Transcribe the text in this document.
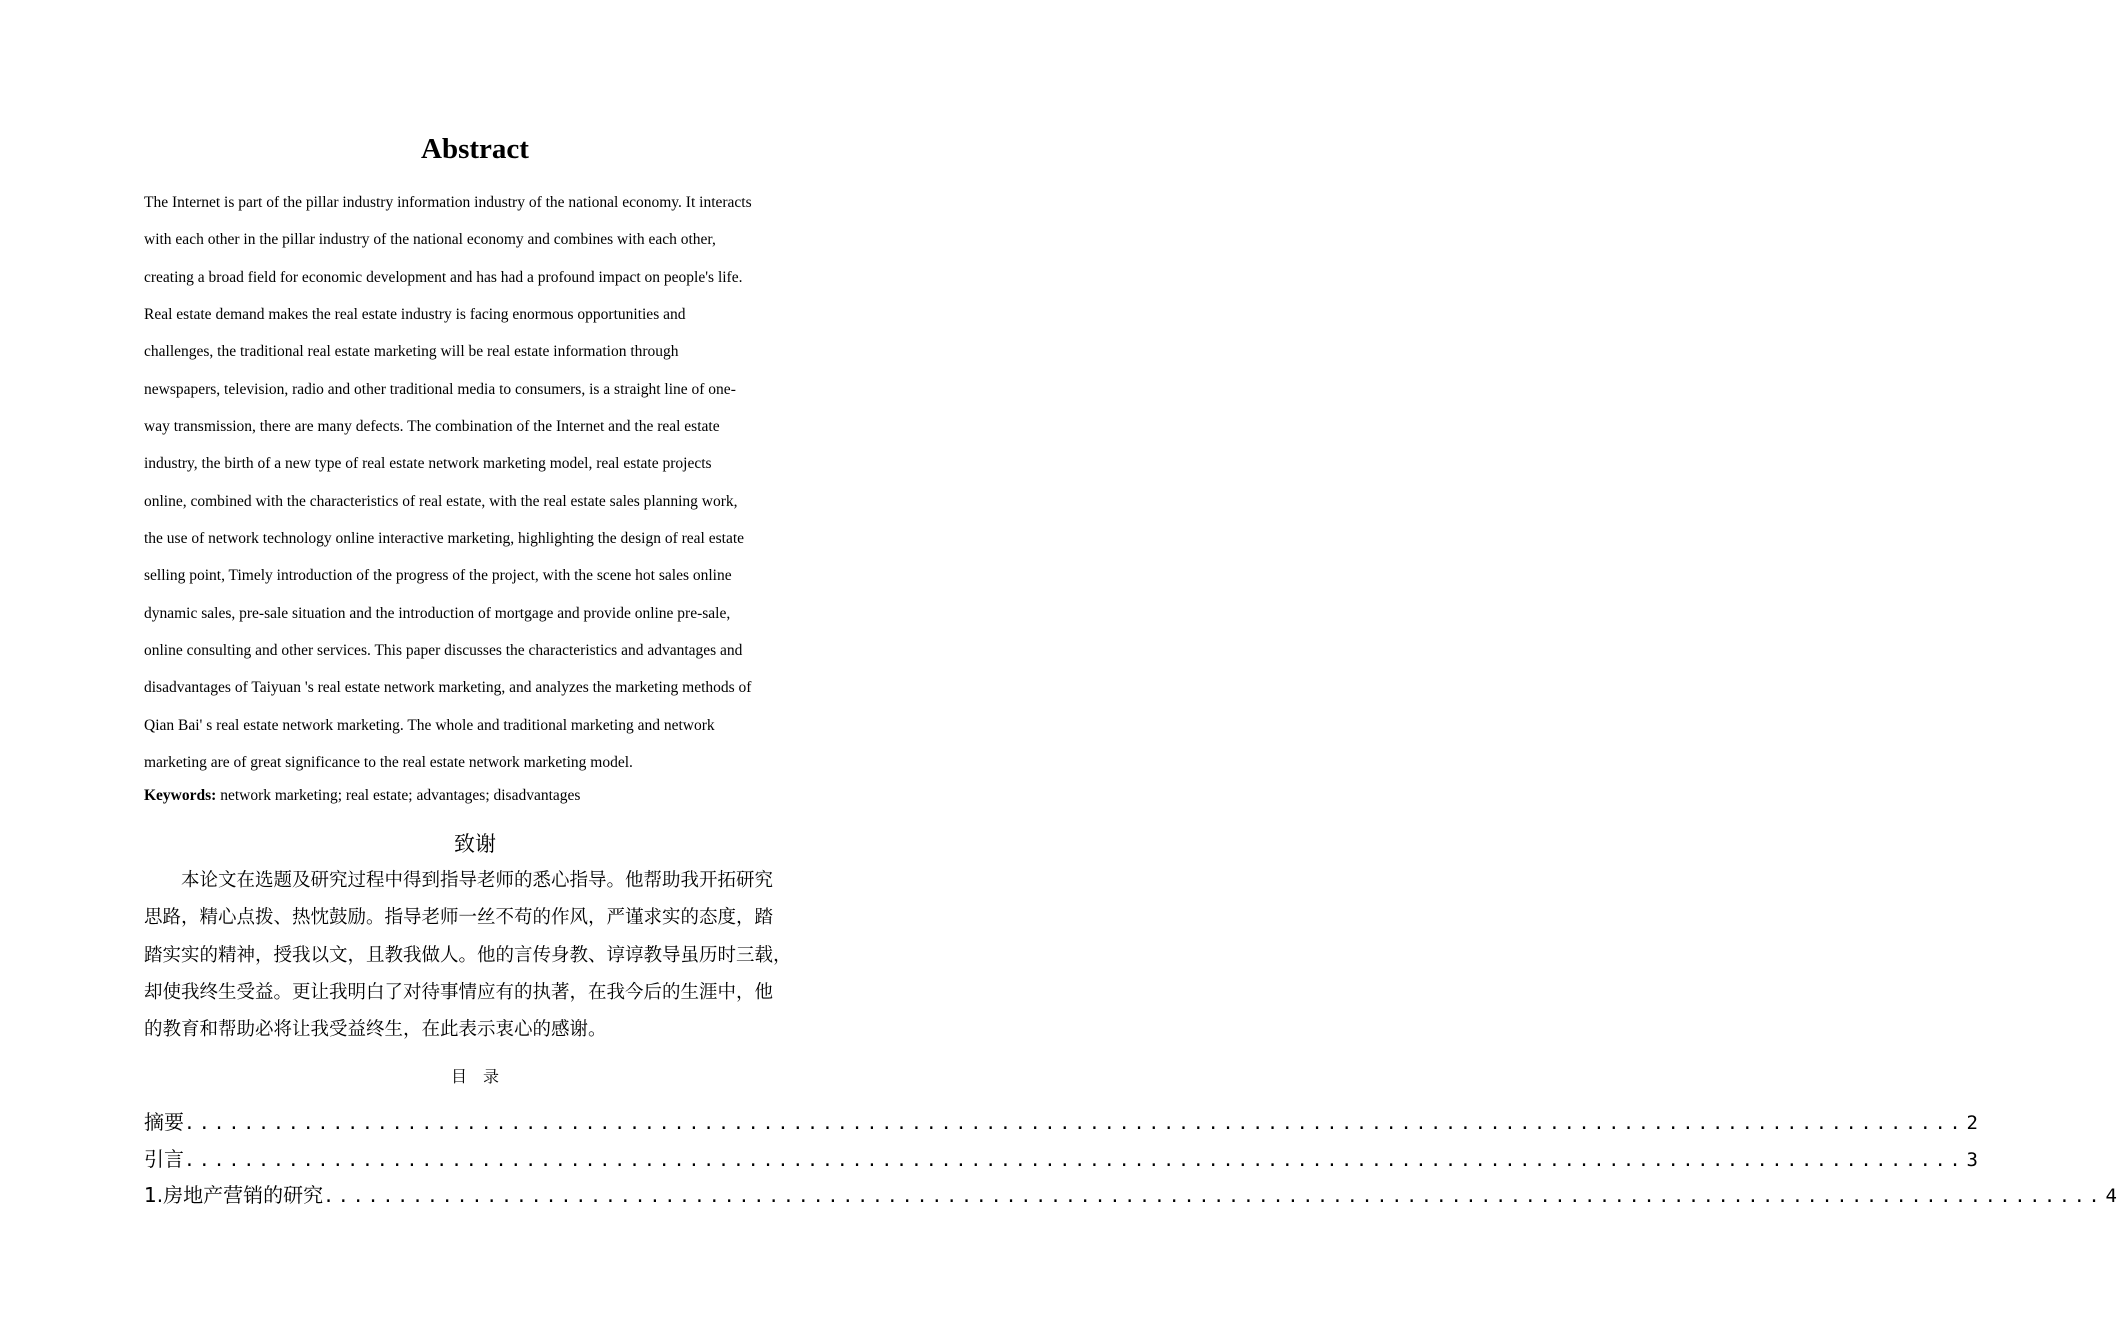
Abstract
The Internet is part of the pillar industry information industry of the national economy. It interacts
with each other in the pillar industry of the national economy and combines with each other,
creating a broad field for economic development and has had a profound impact on people's life.
Real estate demand makes the real estate industry is facing enormous opportunities and
challenges, the traditional real estate marketing will be real estate information through
newspapers, television, radio and other traditional media to consumers, is a straight line of one-
way transmission, there are many defects. The combination of the Internet and the real estate
industry, the birth of a new type of real estate network marketing model, real estate projects
online, combined with the characteristics of real estate, with the real estate sales planning work,
the use of network technology online interactive marketing, highlighting the design of real estate
selling point, Timely introduction of the progress of the project, with the scene hot sales online
dynamic sales, pre-sale situation and the introduction of mortgage and provide online pre-sale,
online consulting and other services. This paper discusses the characteristics and advantages and
disadvantages of Taiyuan 's real estate network marketing, and analyzes the marketing methods of
Qian Bai' s real estate network marketing. The whole and traditional marketing and network
marketing are of great significance to the real estate network marketing model.
Keywords: network marketing; real estate; advantages; disadvantages
致谢
　　本论文在选题及研究过程中得到指导老师的悉心指导。他帮助我开拓研究
思路，精心点拨、热忱鼓励。指导老师一丝不苟的作风，严谨求实的态度，踏
踏实实的精神，授我以文，且教我做人。他的言传身教、谆谆教导虽历时三载，
却使我终生受益。更让我明白了对待事情应有的执著，在我今后的生涯中，他
的教育和帮助必将让我受益终生，在此表示衷心的感谢。
目　录
摘要 ........................................................................................................................ 2
引言 ........................................................................................................................ 3
1.房地产营销的研究 ........................................................................................................................ 4
